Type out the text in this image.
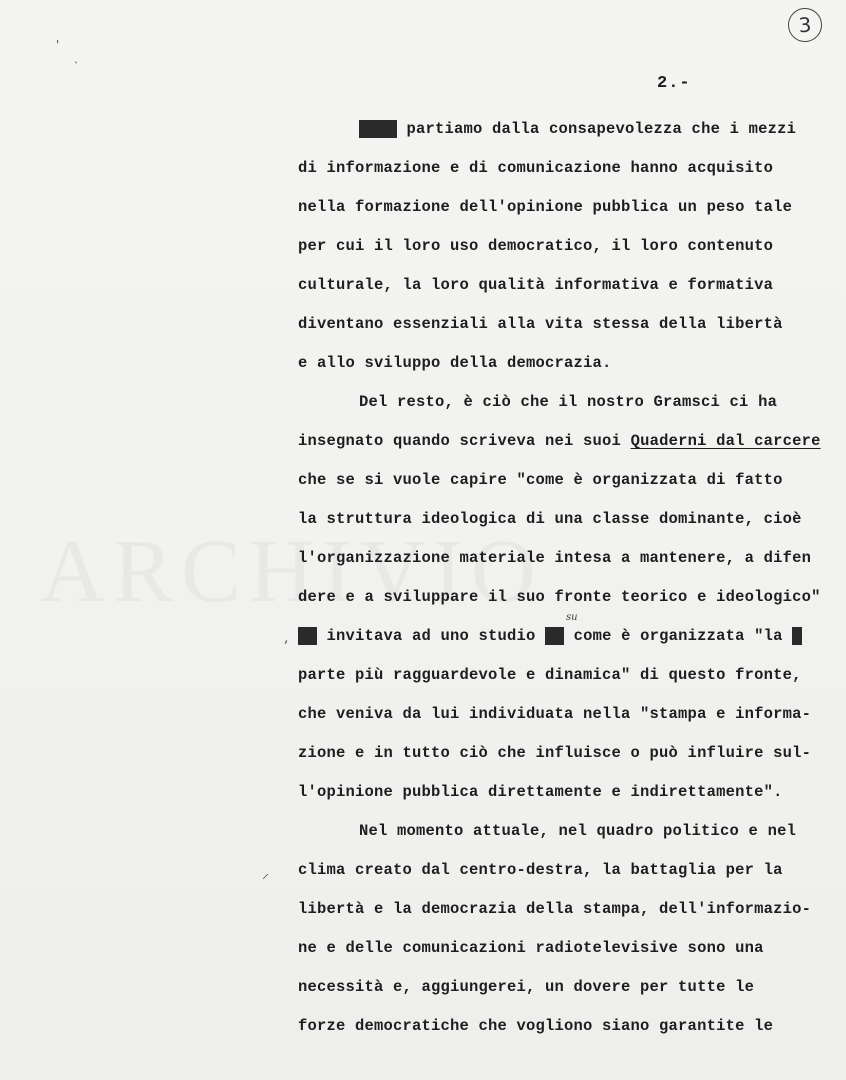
3
2.-
'
ˏ
,
⸝
Oggi partiamo dalla consapevolezza che i mezzi
di informazione e di comunicazione hanno acquisito
nella formazione dell'opinione pubblica un peso tale
per cui il loro uso democratico, il loro contenuto
culturale, la loro qualità informativa e formativa
diventano essenziali alla vita stessa della libertà
e allo sviluppo della democrazia.
Del resto, è ciò che il nostro Gramsci ci ha
insegnato quando scriveva nei suoi Quaderni dal carcere
che se si vuole capire "come è organizzata di fatto
la struttura ideologica di una classe dominante, cioè
l'organizzazione materiale intesa a mantenere, a difen
dere e a sviluppare il suo fronte teorico e ideologico"
su
ci invitava ad uno studio di come è organizzata "la p
parte più ragguardevole e dinamica" di questo fronte,
che veniva da lui individuata nella "stampa e informa-
zione e in tutto ciò che influisce o può influire sul-
l'opinione pubblica direttamente e indirettamente".
Nel momento attuale, nel quadro politico e nel
clima creato dal centro-destra, la battaglia per la
libertà e la democrazia della stampa, dell'informazio-
ne e delle comunicazioni radiotelevisive sono una
necessità e, aggiungerei, un dovere per tutte le
forze democratiche che vogliono siano garantite le
